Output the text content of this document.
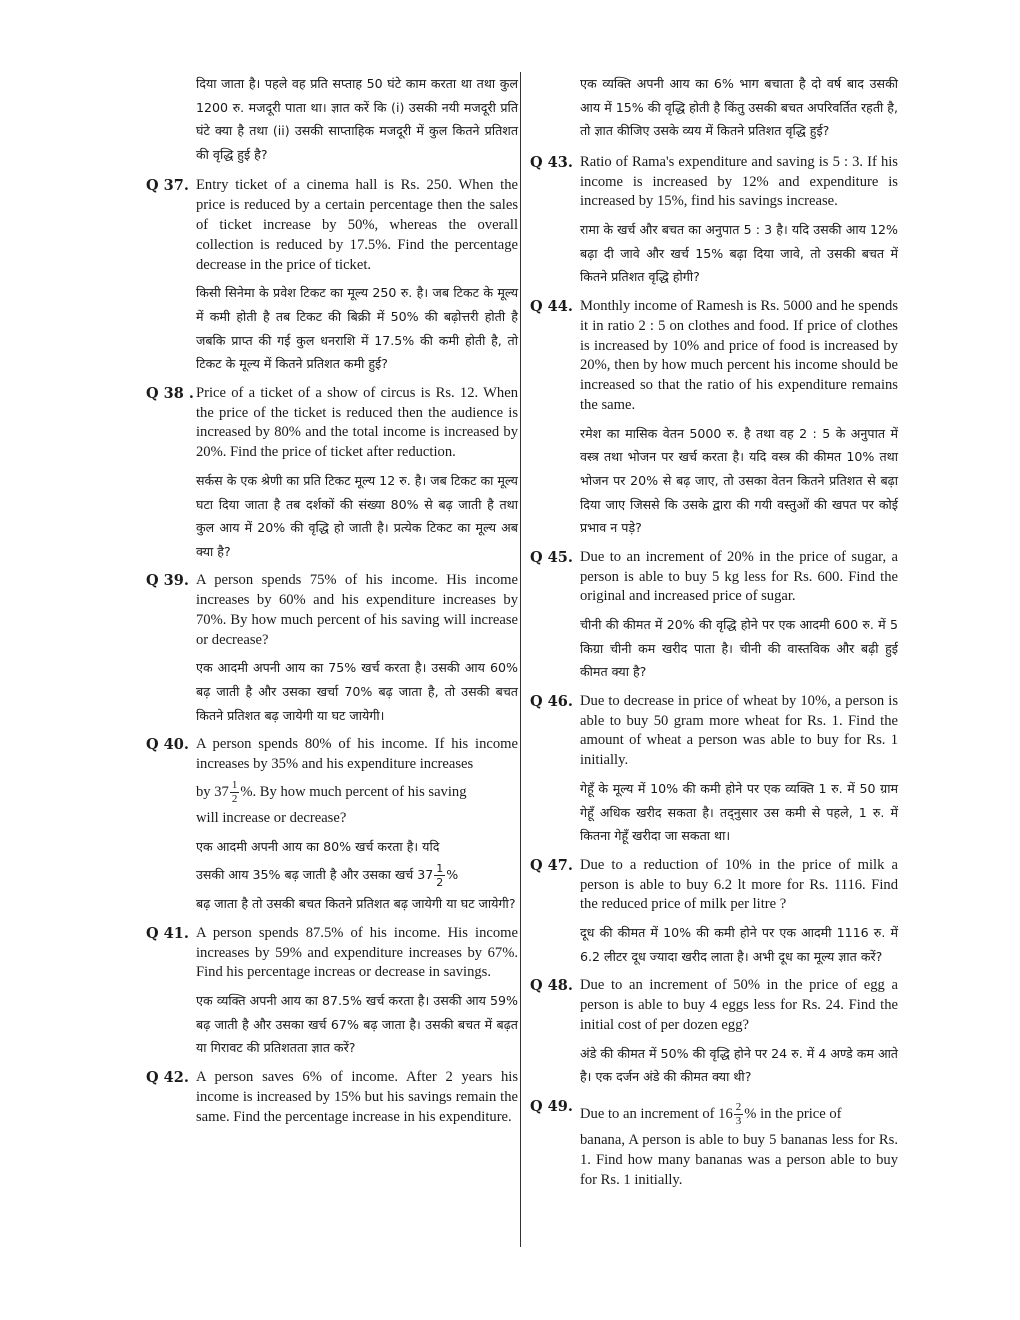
दिया जाता है। पहले वह प्रति सप्ताह 50 घंटे काम करता था तथा कुल 1200 रु. मजदूरी पाता था। ज्ञात करें कि (i) उसकी नयी मजदूरी प्रति घंटे क्या है तथा (ii) उसकी साप्ताहिक मजदूरी में कुल कितने प्रतिशत की वृद्धि हुई है?

Q 37. Entry ticket of a cinema hall is Rs. 250. When the price is reduced by a certain percentage then the sales of ticket increase by 50%, whereas the overall collection is reduced by 17.5%. Find the percentage decrease in the price of ticket.

किसी सिनेमा के प्रवेश टिकट का मूल्य 250 रु. है। जब टिकट के मूल्य में कमी होती है तब टिकट की बिक्री में 50% की बढ़ोत्तरी होती है जबकि प्राप्त की गई कुल धनराशि में 17.5% की कमी होती है, तो टिकट के मूल्य में कितने प्रतिशत कमी हुई?

Q 38 . Price of a ticket of a show of circus is Rs. 12. When the price of the ticket is reduced then the audience is increased by 80% and the total income is increased by 20%. Find the price of ticket after reduction.

सर्कस के एक श्रेणी का प्रति टिकट मूल्य 12 रु. है। जब टिकट का मूल्य घटा दिया जाता है तब दर्शकों की संख्या 80% से बढ़ जाती है तथा कुल आय में 20% की वृद्धि हो जाती है। प्रत्येक टिकट का मूल्य अब क्या है?

Q 39. A person spends 75% of his income. His income increases by 60% and his expenditure increases by 70%. By how much percent of his saving will increase or decrease?

एक आदमी अपनी आय का 75% खर्च करता है। उसकी आय 60% बढ़ जाती है और उसका खर्चा 70% बढ़ जाता है, तो उसकी बचत कितने प्रतिशत बढ़ जायेगी या घट जायेगी।

Q 40. A person spends 80% of his income. If his income increases by 35% and his expenditure increases

by $37 \frac{1}{2}$ %. By how much percent of his saving

will increase or decrease?

एक आदमी अपनी आय का 80% खर्च करता है। यदि

उसकी आय 35% बढ़ जाती है और उसका खर्च $37 \frac{1}{2}$ %

बढ़ जाता है तो उसकी बचत कितने प्रतिशत बढ़ जायेगी या घट जायेगी?

Q 41. A person spends 87.5% of his income. His income increases by 59% and expenditure increases by 67%. Find his percentage increas or decrease in savings.

एक व्यक्ति अपनी आय का 87.5% खर्च करता है। उसकी आय 59% बढ़ जाती है और उसका खर्च 67% बढ़ जाता है। उसकी बचत में बढ़त या गिरावट की प्रतिशतता ज्ञात करें?

Q 42. A person saves 6% of income. After 2 years his income is increased by 15% but his savings remain the same. Find the percentage increase in his expenditure.

एक व्यक्ति अपनी आय का 6% भाग बचाता है दो वर्ष बाद उसकी आय में 15% की वृद्धि होती है किंतु उसकी बचत अपरिवर्तित रहती है, तो ज्ञात कीजिए उसके व्यय में कितने प्रतिशत वृद्धि हुई?

Q 43. Ratio of Rama's expenditure and saving is 5 : 3. If his income is increased by 12% and expenditure is increased by 15%, find his savings increase.

रामा के खर्च और बचत का अनुपात 5 : 3 है। यदि उसकी आय 12% बढ़ा दी जावे और खर्च 15% बढ़ा दिया जावे, तो उसकी बचत में कितने प्रतिशत वृद्धि होगी?

Q 44. Monthly income of Ramesh is Rs. 5000 and he spends it in ratio 2 : 5 on clothes and food. If price of clothes is increased by 10% and price of food is increased by 20%, then by how much percent his income should be increased so that the ratio of his expenditure remains the same.

रमेश का मासिक वेतन 5000 रु. है तथा वह 2 : 5 के अनुपात में वस्त्र तथा भोजन पर खर्च करता है। यदि वस्त्र की कीमत 10% तथा भोजन पर 20% से बढ़ जाए, तो उसका वेतन कितने प्रतिशत से बढ़ा दिया जाए जिससे कि उसके द्वारा की गयी वस्तुओं की खपत पर कोई प्रभाव न पड़े?

Q 45. Due to an increment of 20% in the price of sugar, a person is able to buy 5 kg less for Rs. 600. Find the original and increased price of sugar.

चीनी की कीमत में 20% की वृद्धि होने पर एक आदमी 600 रु. में 5 किग्रा चीनी कम खरीद पाता है। चीनी की वास्तविक और बढ़ी हुई कीमत क्या है?

Q 46. Due to decrease in price of wheat by 10%, a person is able to buy 50 gram more wheat for Rs. 1. Find the amount of wheat a person was able to buy for Rs. 1 initially.

गेहूँ के मूल्य में 10% की कमी होने पर एक व्यक्ति 1 रु. में 50 ग्राम गेहूँ अधिक खरीद सकता है। तद्नुसार उस कमी से पहले, 1 रु. में कितना गेहूँ खरीदा जा सकता था।

Q 47. Due to a reduction of 10% in the price of milk a person is able to buy 6.2 lt more for Rs. 1116. Find the reduced price of milk per litre ?

दूध की कीमत में 10% की कमी होने पर एक आदमी 1116 रु. में 6.2 लीटर दूध ज्यादा खरीद लाता है। अभी दूध का मूल्य ज्ञात करें?

Q 48. Due to an increment of 50% in the price of egg a person is able to buy 4 eggs less for Rs. 24. Find the initial cost of per dozen egg?

अंडे की कीमत में 50% की वृद्धि होने पर 24 रु. में 4 अण्डे कम आते है। एक दर्जन अंडे की कीमत क्या थी?

Q 49. Due to an increment of $16 \frac{2}{3}$ % in the price of

banana, A person is able to buy 5 bananas less for Rs. 1. Find how many bananas was a person able to buy for Rs. 1 initially.
